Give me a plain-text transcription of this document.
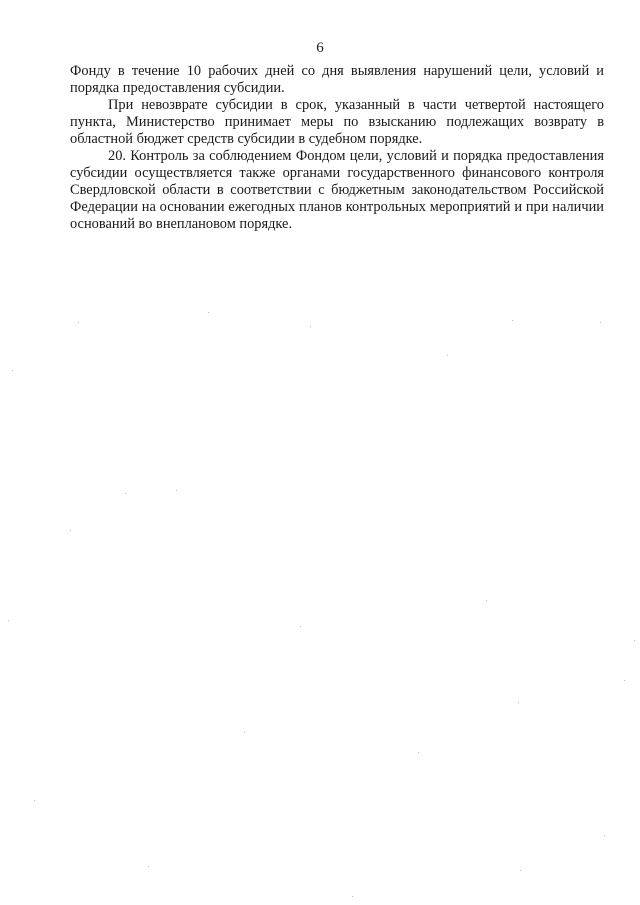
6

Фонду в течение 10 рабочих дней со дня выявления нарушений цели, условий и порядка предоставления субсидии.

При невозврате субсидии в срок, указанный в части четвертой настоящего пункта, Министерство принимает меры по взысканию подлежащих возврату в областной бюджет средств субсидии в судебном порядке.

20. Контроль за соблюдением Фондом цели, условий и порядка предоставления субсидии осуществляется также органами государственного финансового контроля Свердловской области в соответствии с бюджетным законодательством Российской Федерации на основании ежегодных планов контрольных мероприятий и при наличии оснований во внеплановом порядке.
